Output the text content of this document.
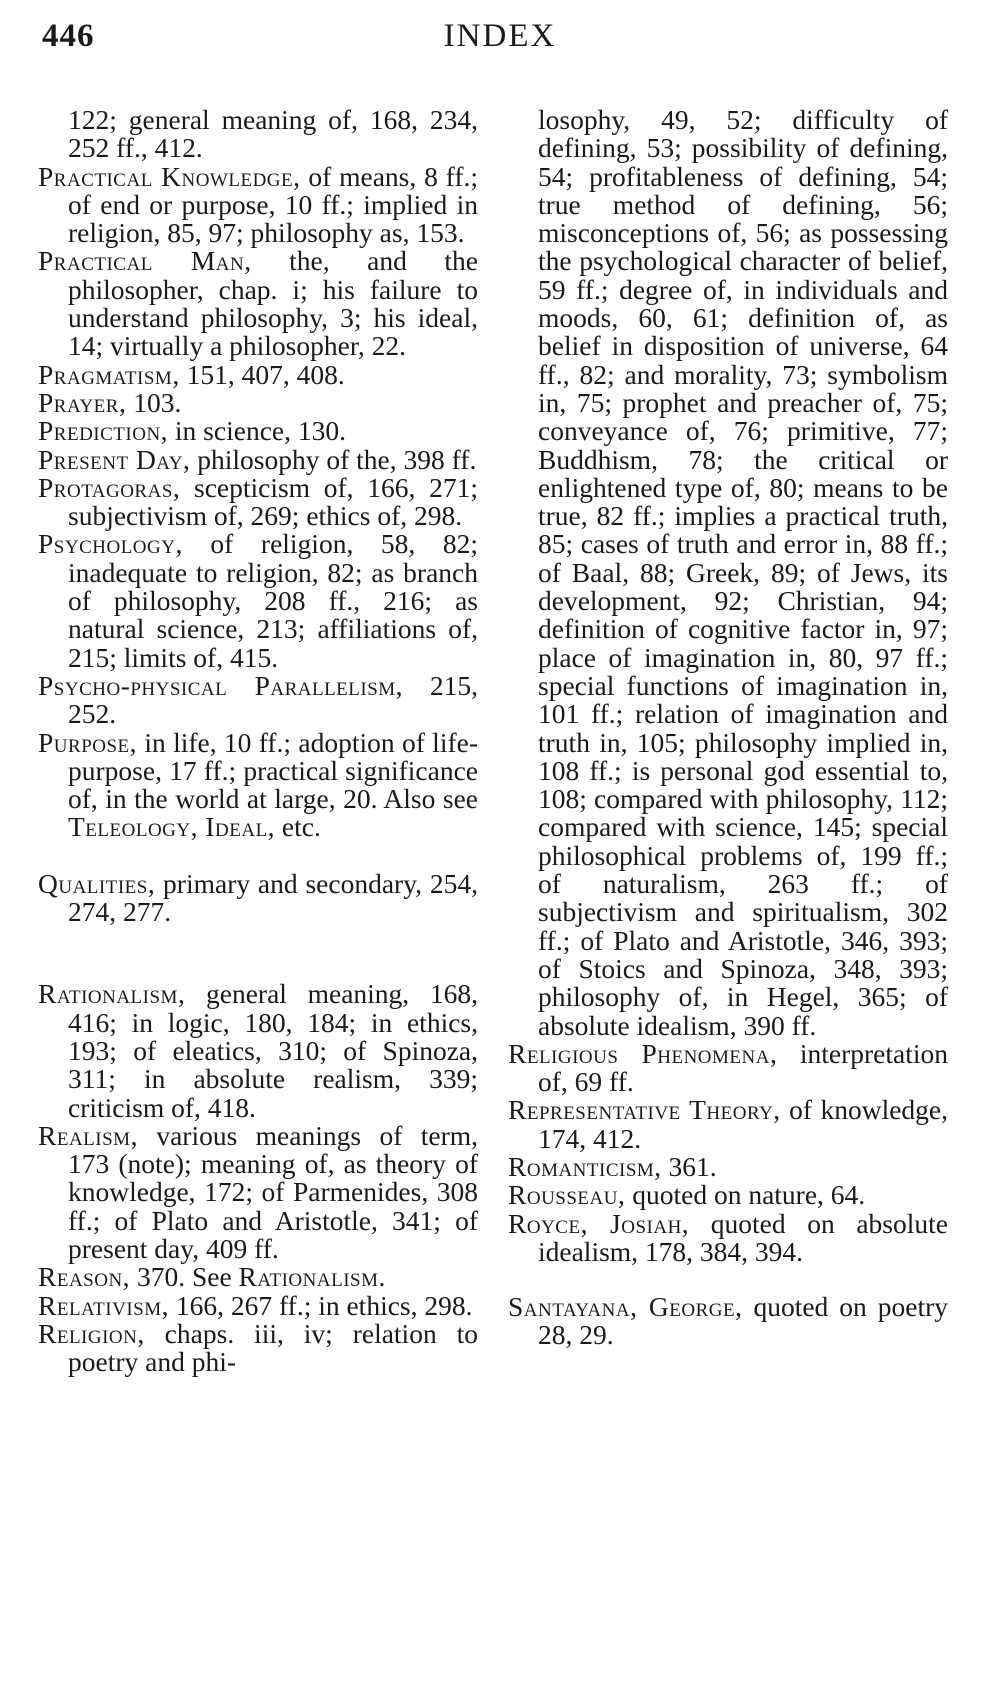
446	INDEX

122; general meaning of, 168, 234, 252 ff., 412.

Practical Knowledge, of means, 8 ff.; of end or purpose, 10 ff.; implied in religion, 85, 97; philosophy as, 153.

Practical Man, the, and the philosopher, chap. i; his failure to understand philosophy, 3; his ideal, 14; virtually a philosopher, 22.

Pragmatism, 151, 407, 408.

Prayer, 103.

Prediction, in science, 130.

Present Day, philosophy of the, 398 ff.

Protagoras, scepticism of, 166, 271; subjectivism of, 269; ethics of, 298.

Psychology, of religion, 58, 82; inadequate to religion, 82; as branch of philosophy, 208 ff., 216; as natural science, 213; affiliations of, 215; limits of, 415.

Psycho-physical Parallelism, 215, 252.

Purpose, in life, 10 ff.; adoption of life-purpose, 17 ff.; practical significance of, in the world at large, 20. Also see Teleology, Ideal, etc.

Qualities, primary and secondary, 254, 274, 277.

Rationalism, general meaning, 168, 416; in logic, 180, 184; in ethics, 193; of eleatics, 310; of Spinoza, 311; in absolute realism, 339; criticism of, 418.

Realism, various meanings of term, 173 (note); meaning of, as theory of knowledge, 172; of Parmenides, 308 ff.; of Plato and Aristotle, 341; of present day, 409 ff.

Reason, 370. See Rationalism.

Relativism, 166, 267 ff.; in ethics, 298.

Religion, chaps. iii, iv; relation to poetry and phi-

losophy, 49, 52; difficulty of defining, 53; possibility of defining, 54; profitableness of defining, 54; true method of defining, 56; misconceptions of, 56; as possessing the psychological character of belief, 59 ff.; degree of, in individuals and moods, 60, 61; definition of, as belief in disposition of universe, 64 ff., 82; and morality, 73; symbolism in, 75; prophet and preacher of, 75; conveyance of, 76; primitive, 77; Buddhism, 78; the critical or enlightened type of, 80; means to be true, 82 ff.; implies a practical truth, 85; cases of truth and error in, 88 ff.; of Baal, 88; Greek, 89; of Jews, its development, 92; Christian, 94; definition of cognitive factor in, 97; place of imagination in, 80, 97 ff.; special functions of imagination in, 101 ff.; relation of imagination and truth in, 105; philosophy implied in, 108 ff.; is personal god essential to, 108; compared with philosophy, 112; compared with science, 145; special philosophical problems of, 199 ff.; of naturalism, 263 ff.; of subjectivism and spiritualism, 302 ff.; of Plato and Aristotle, 346, 393; of Stoics and Spinoza, 348, 393; philosophy of, in Hegel, 365; of absolute idealism, 390 ff.

Religious Phenomena, interpretation of, 69 ff.

Representative Theory, of knowledge, 174, 412.

Romanticism, 361.

Rousseau, quoted on nature, 64.

Royce, Josiah, quoted on absolute idealism, 178, 384, 394.

Santayana, George, quoted on poetry 28, 29.
